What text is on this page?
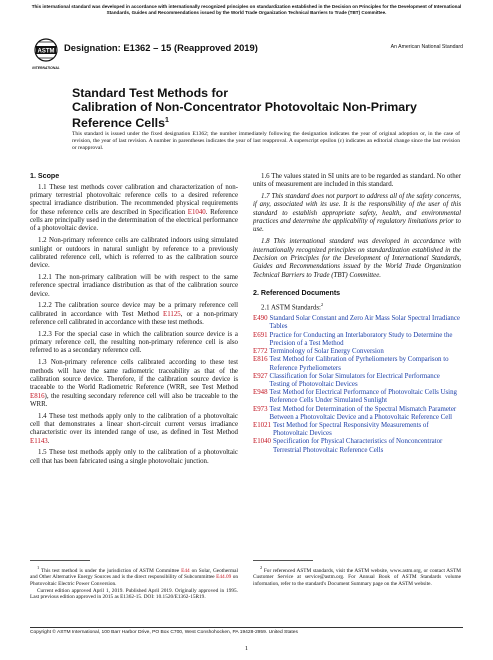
This international standard was developed in accordance with internationally recognized principles on standardization established in the Decision on Principles for the Development of International Standards, Guides and Recommendations issued by the World Trade Organization Technical Barriers to Trade (TBT) Committee.
ASTM
INTERNATIONAL
Designation: E1362 – 15 (Reapproved 2019)	An American National Standard
Standard Test Methods for
Calibration of Non-Concentrator Photovoltaic Non-Primary
Reference Cells$^1$
This standard is issued under the fixed designation E1362; the number immediately following the designation indicates the year of original adoption or, in the case of revision, the year of last revision. A number in parentheses indicates the year of last reapproval. A superscript epsilon (ε) indicates an editorial change since the last revision or reapproval.

1. Scope

1.1 These test methods cover calibration and characterization of non-primary terrestrial photovoltaic reference cells to a desired reference spectral irradiance distribution. The recommended physical requirements for these reference cells are described in Specification E1040. Reference cells are principally used in the determination of the electrical performance of a photovoltaic device.

1.2 Non-primary reference cells are calibrated indoors using simulated sunlight or outdoors in natural sunlight by reference to a previously calibrated reference cell, which is referred to as the calibration source device.

1.2.1 The non-primary calibration will be with respect to the same reference spectral irradiance distribution as that of the calibration source device.

1.2.2 The calibration source device may be a primary reference cell calibrated in accordance with Test Method E1125, or a non-primary reference cell calibrated in accordance with these test methods.

1.2.3 For the special case in which the calibration source device is a primary reference cell, the resulting non-primary reference cell is also referred to as a secondary reference cell.

1.3 Non-primary reference cells calibrated according to these test methods will have the same radiometric traceability as that of the calibration source device. Therefore, if the calibration source device is traceable to the World Radiometric Reference (WRR, see Test Method E816), the resulting secondary reference cell will also be traceable to the WRR.

1.4 These test methods apply only to the calibration of a photovoltaic cell that demonstrates a linear short-circuit current versus irradiance characteristic over its intended range of use, as defined in Test Method E1143.

1.5 These test methods apply only to the calibration of a photovoltaic cell that has been fabricated using a single photovoltaic junction.

1.6 The values stated in SI units are to be regarded as standard. No other units of measurement are included in this standard.

1.7 This standard does not purport to address all of the safety concerns, if any, associated with its use. It is the responsibility of the user of this standard to establish appropriate safety, health, and environmental practices and determine the applicability of regulatory limitations prior to use.

1.8 This international standard was developed in accordance with internationally recognized principles on standardization established in the Decision on Principles for the Development of International Standards, Guides and Recommendations issued by the World Trade Organization Technical Barriers to Trade (TBT) Committee.

2. Referenced Documents

2.1 ASTM Standards:$^2$

E490 Standard Solar Constant and Zero Air Mass Solar Spectral Irradiance Tables
E691 Practice for Conducting an Interlaboratory Study to Determine the Precision of a Test Method
E772 Terminology of Solar Energy Conversion
E816 Test Method for Calibration of Pyrheliometers by Comparison to Reference Pyrheliometers
E927 Classification for Solar Simulators for Electrical Performance Testing of Photovoltaic Devices
E948 Test Method for Electrical Performance of Photovoltaic Cells Using Reference Cells Under Simulated Sunlight
E973 Test Method for Determination of the Spectral Mismatch Parameter Between a Photovoltaic Device and a Photovoltaic Reference Cell
E1021 Test Method for Spectral Responsivity Measurements of Photovoltaic Devices
E1040 Specification for Physical Characteristics of Nonconcentrator Terrestrial Photovoltaic Reference Cells

$^1$ This test method is under the jurisdiction of ASTM Committee E44 on Solar, Geothermal and Other Alternative Energy Sources and is the direct responsibility of Subcommittee E44.09 on Photovoltaic Electric Power Conversion.

Current edition approved April 1, 2019. Published April 2019. Originally approved in 1995. Last previous edition approved in 2015 as E1362-15. DOI: 10.1520/E1362-15R19.

$^2$ For referenced ASTM standards, visit the ASTM website, www.astm.org, or contact ASTM Customer Service at service@astm.org. For Annual Book of ASTM Standards volume information, refer to the standard's Document Summary page on the ASTM website.

Copyright © ASTM International, 100 Barr Harbor Drive, PO Box C700, West Conshohocken, PA 19428-2959. United States
1
